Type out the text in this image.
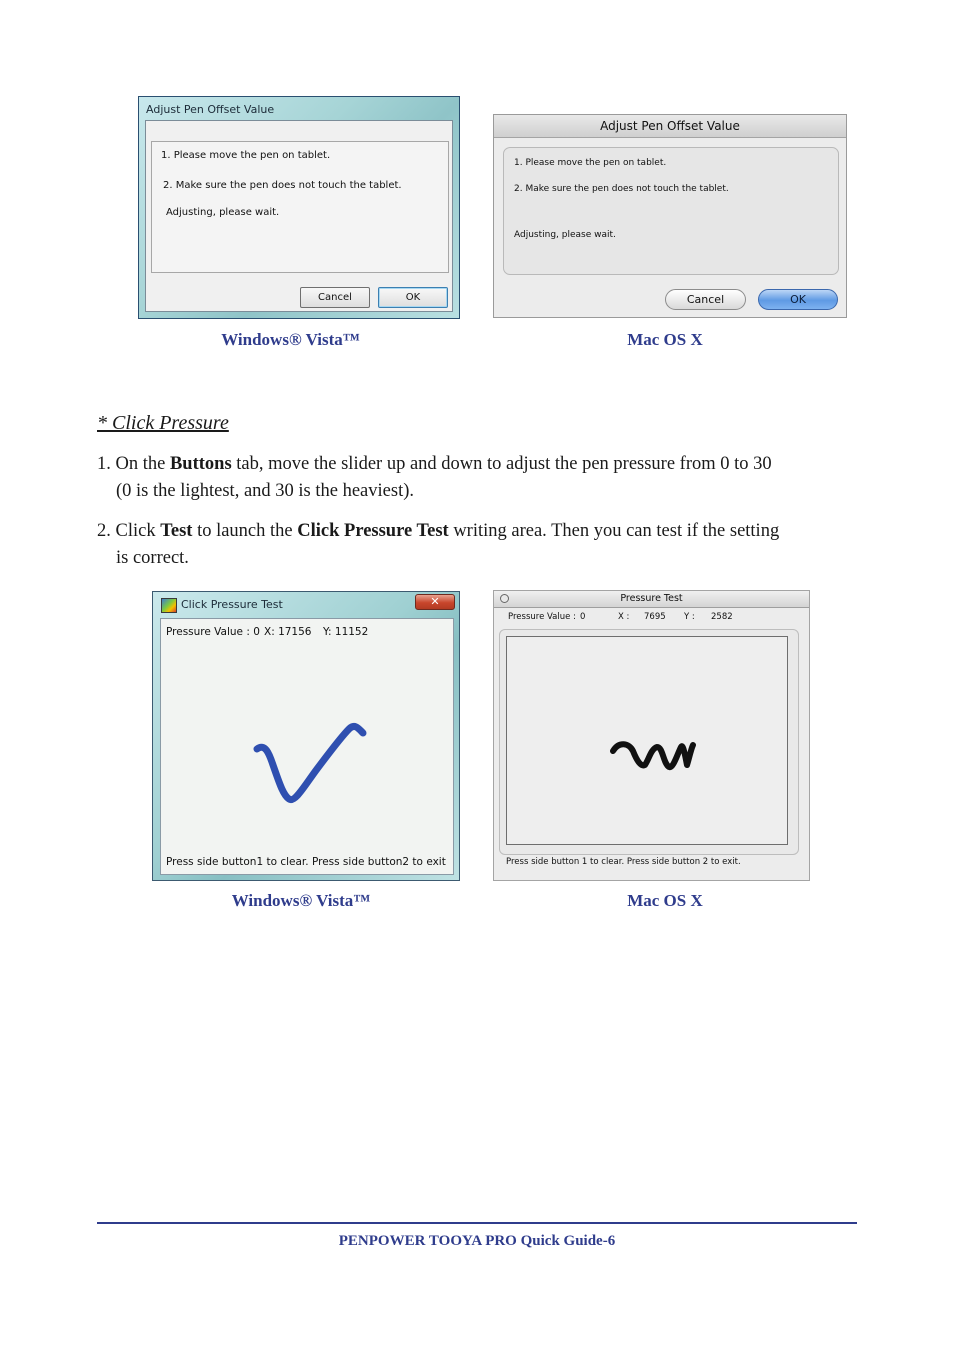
Adjust Pen Offset Value
1. Please move the pen on tablet.
2. Make sure the pen does not touch the tablet.
Adjusting, please wait.
Cancel	OK
Windows® Vista™
Adjust Pen Offset Value
1. Please move the pen on tablet.
2. Make sure the pen does not touch the tablet.
Adjusting, please wait.
Cancel	OK
Mac OS X
* Click Pressure
1. On the Buttons tab, move the slider up and down to adjust the pen pressure from 0 to 30
(0 is the lightest, and 30 is the heaviest).
2. Click Test to launch the Click Pressure Test writing area. Then you can test if the setting
is correct.
Click Pressure Test	✕
Pressure Value : 0 X: 17156 Y: 11152
Press side button1 to clear. Press side button2 to exit
Windows® Vista™
Pressure Test
Pressure Value : 0	X : 7695 Y : 2582
Press side button 1 to clear. Press side button 2 to exit.
Mac OS X
PENPOWER TOOYA PRO Quick Guide-6
